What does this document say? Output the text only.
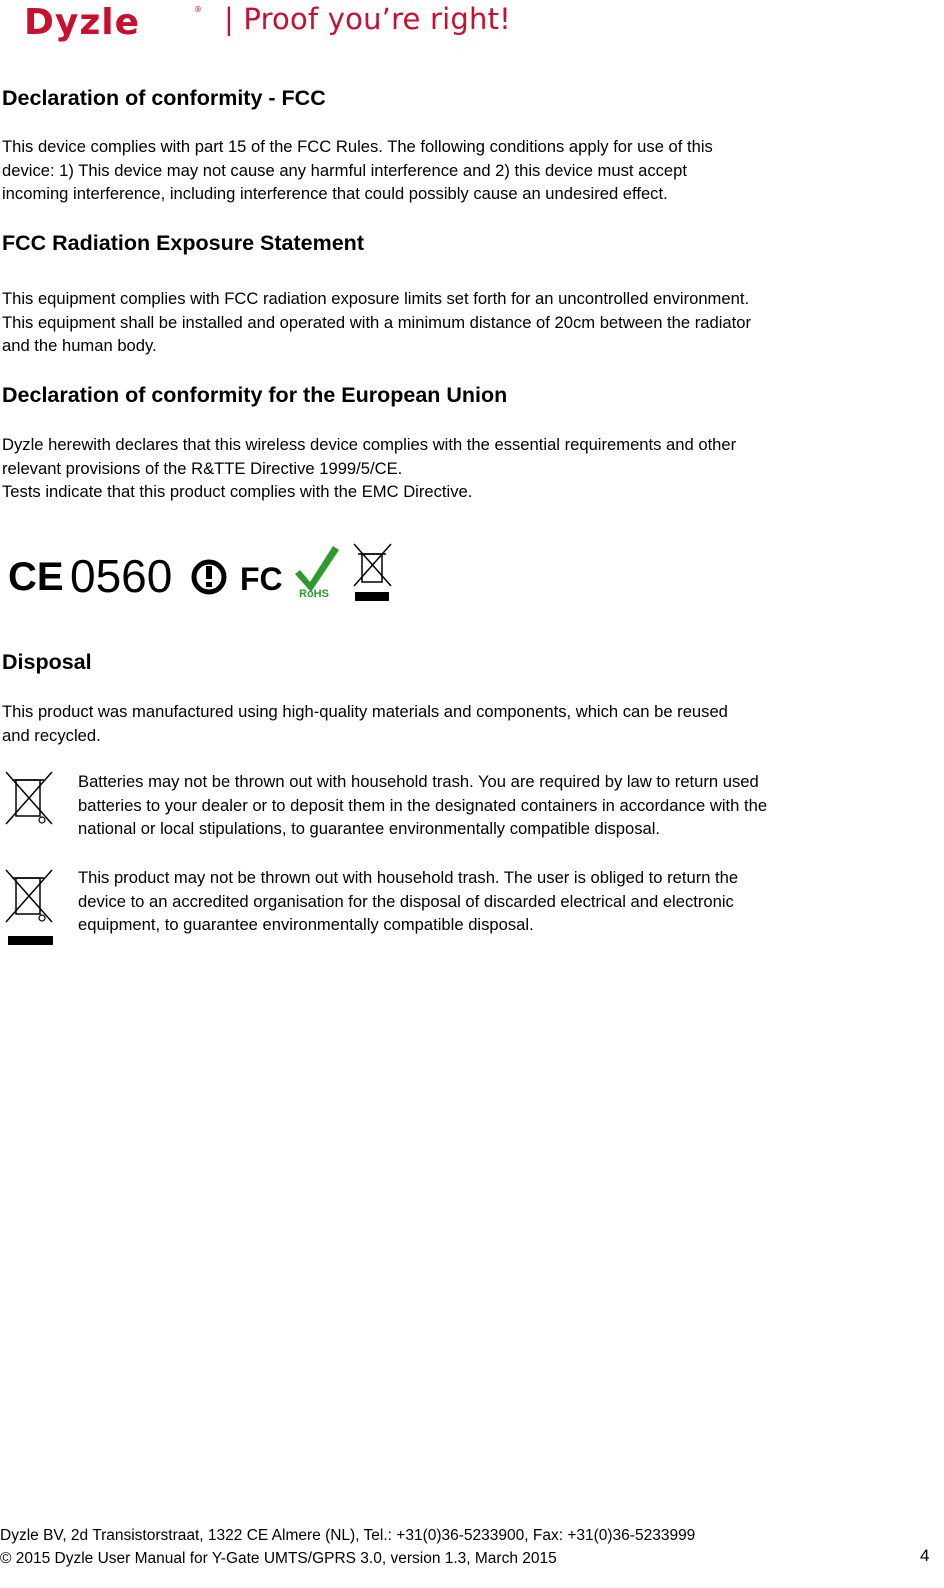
Dyzle	® | Proof you’re right!
Declaration of conformity - FCC

This device complies with part 15 of the FCC Rules. The following conditions apply for use of this
device: 1) This device may not cause any harmful interference and 2) this device must accept
incoming interference, including interference that could possibly cause an undesired effect.

FCC Radiation Exposure Statement

This equipment complies with FCC radiation exposure limits set forth for an uncontrolled environment.
This equipment shall be installed and operated with a minimum distance of 20cm between the radiator
and the human body.

Declaration of conformity for the European Union

Dyzle herewith declares that this wireless device complies with the essential requirements and other
relevant provisions of the R&TTE Directive 1999/5/CE.
Tests indicate that this product complies with the EMC Directive.

CE 0560 FC RoHS
Disposal

This product was manufactured using high-quality materials and components, which can be reused
and recycled.

Batteries may not be thrown out with household trash. You are required by law to return used
batteries to your dealer or to deposit them in the designated containers in accordance with the
national or local stipulations, to guarantee environmentally compatible disposal.

This product may not be thrown out with household trash. The user is obliged to return the
device to an accredited organisation for the disposal of discarded electrical and electronic
equipment, to guarantee environmentally compatible disposal.

Dyzle BV, 2d Transistorstraat, 1322 CE Almere (NL), Tel.: +31(0)36-5233900, Fax: +31(0)36-5233999
© 2015 Dyzle User Manual for Y-Gate UMTS/GPRS 3.0, version 1.3, March 2015	4
